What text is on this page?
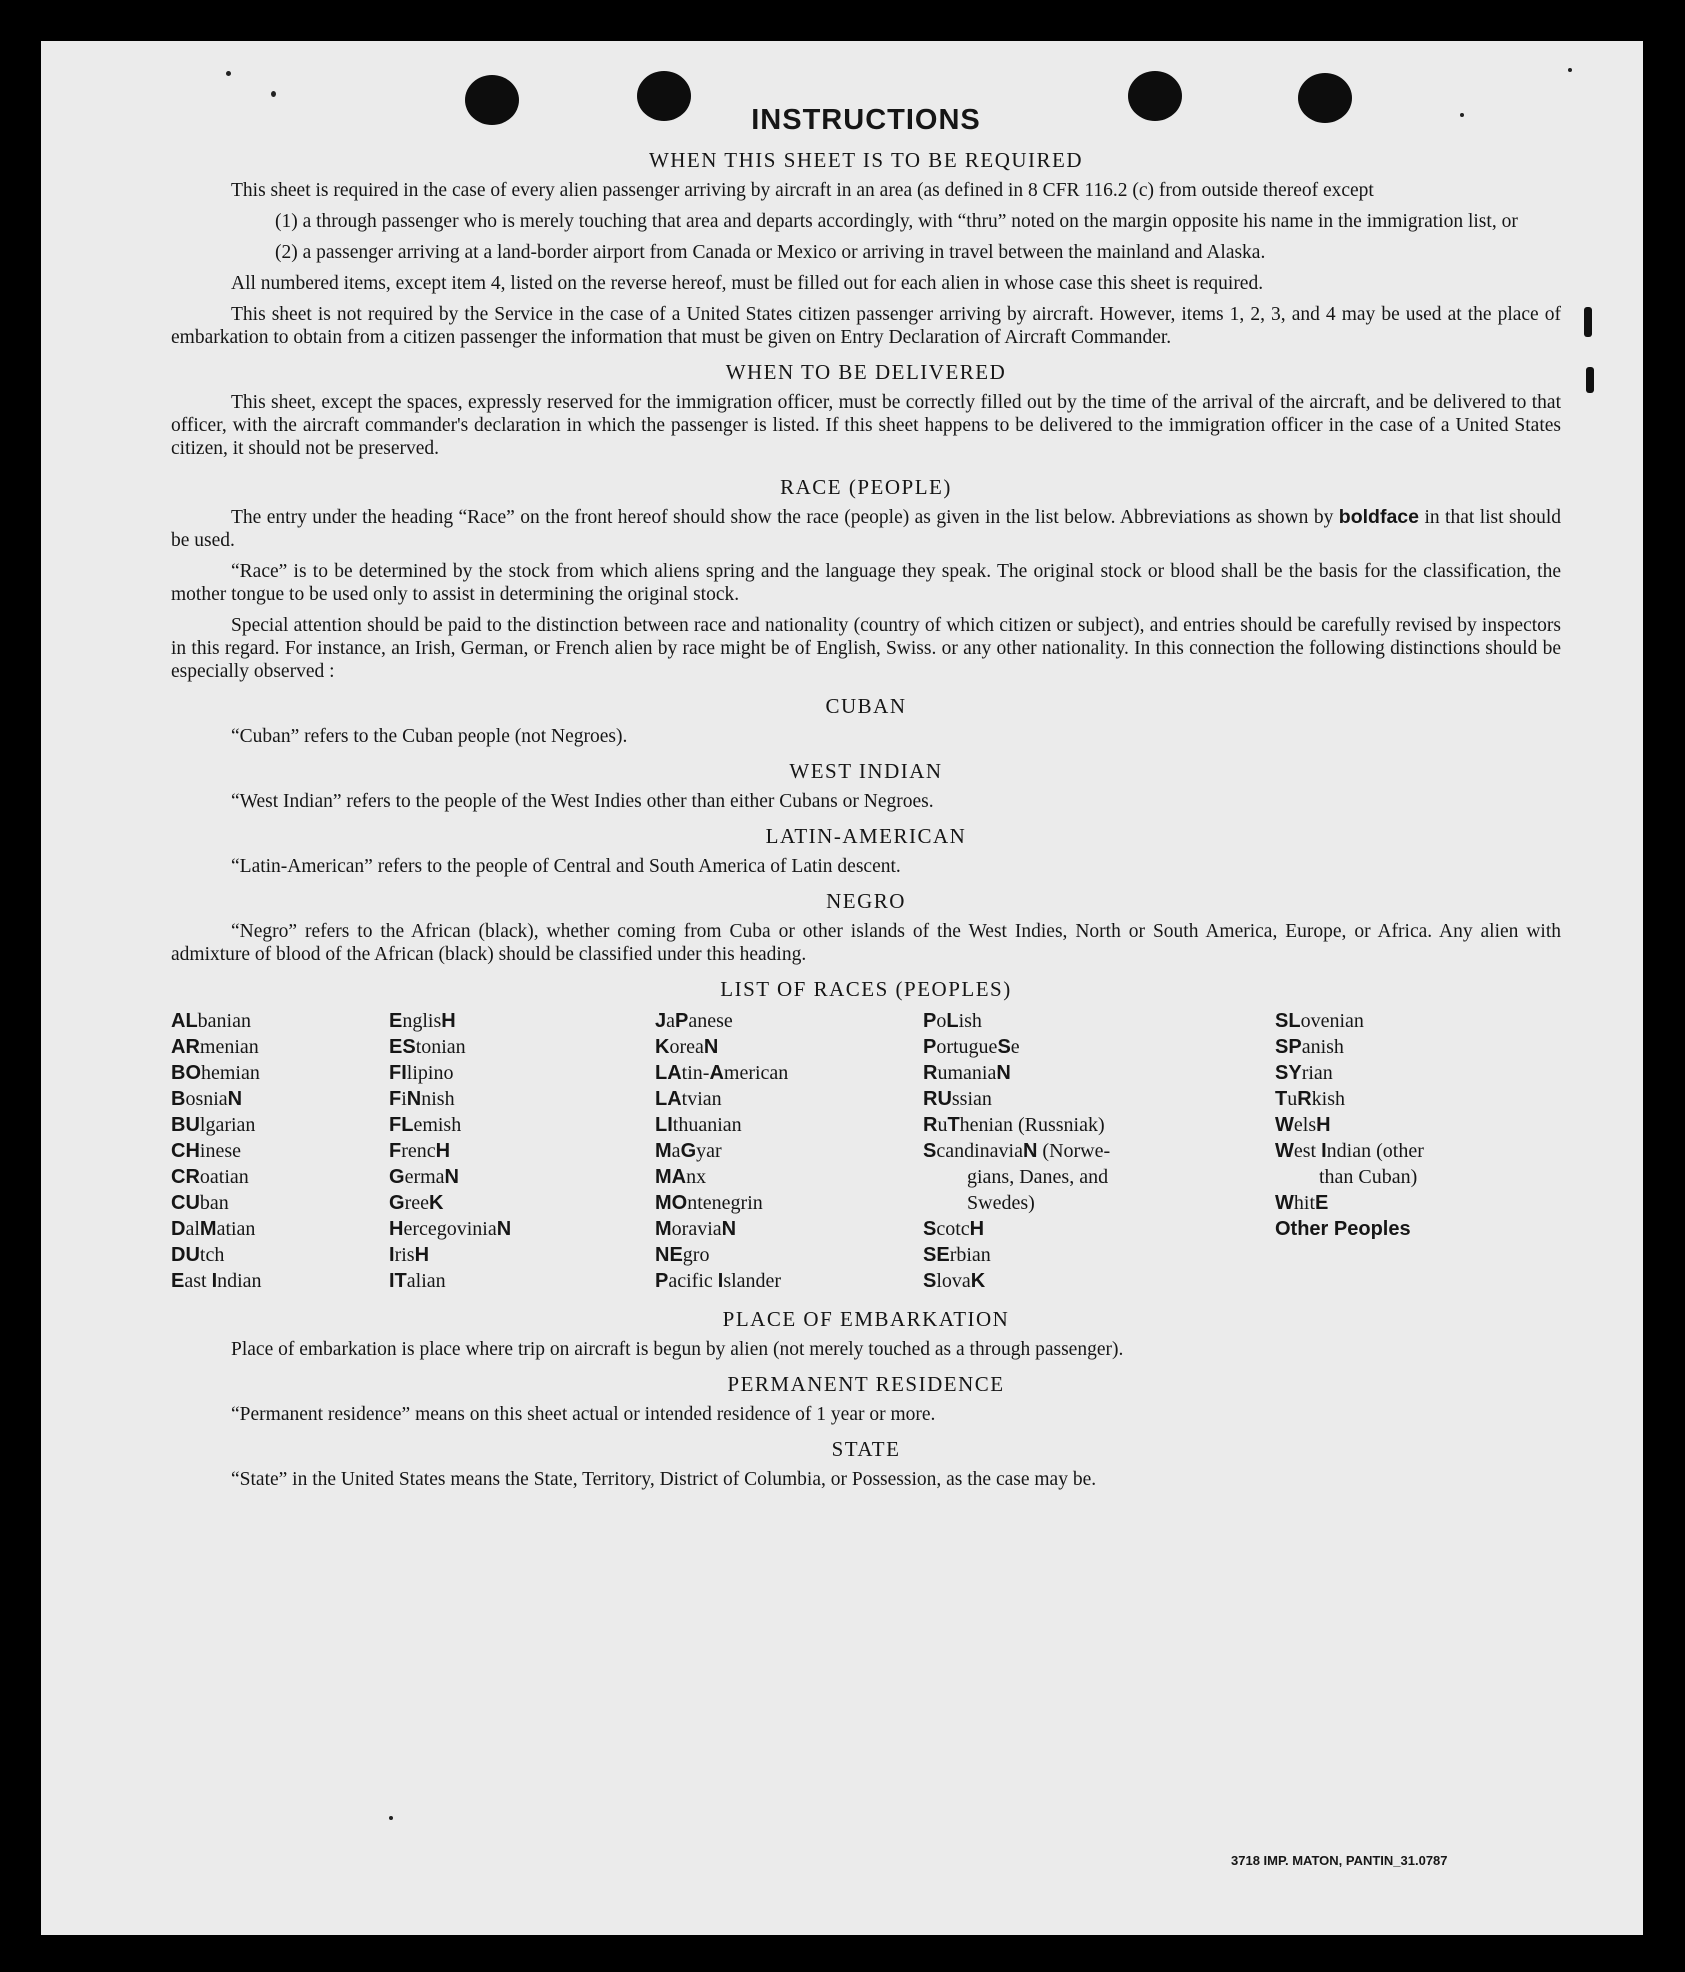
INSTRUCTIONS
WHEN THIS SHEET IS TO BE REQUIRED

This sheet is required in the case of every alien passenger arriving by aircraft in an area (as defined in 8 CFR 116.2 (c) from outside thereof except

(1) a through passenger who is merely touching that area and departs accordingly, with “thru” noted on the margin opposite his name in the immigration list, or
(2) a passenger arriving at a land-border airport from Canada or Mexico or arriving in travel between the mainland and Alaska.

All numbered items, except item 4, listed on the reverse hereof, must be filled out for each alien in whose case this sheet is required.

This sheet is not required by the Service in the case of a United States citizen passenger arriving by aircraft. However, items 1, 2, 3, and 4 may be used at the place of embarkation to obtain from a citizen passenger the information that must be given on Entry Declaration of Aircraft Commander.

WHEN TO BE DELIVERED

This sheet, except the spaces, expressly reserved for the immigration officer, must be correctly filled out by the time of the arrival of the aircraft, and be delivered to that officer, with the aircraft commander's declaration in which the passenger is listed. If this sheet happens to be delivered to the immigration officer in the case of a United States citizen, it should not be preserved.

RACE (PEOPLE)

The entry under the heading “Race” on the front hereof should show the race (people) as given in the list below. Abbreviations as shown by boldface in that list should be used.

“Race” is to be determined by the stock from which aliens spring and the language they speak. The original stock or blood shall be the basis for the classification, the mother tongue to be used only to assist in determining the original stock.

Special attention should be paid to the distinction between race and nationality (country of which citizen or subject), and entries should be carefully revised by inspectors in this regard. For instance, an Irish, German, or French alien by race might be of English, Swiss. or any other nationality. In this connection the following distinctions should be especially observed :

CUBAN

“Cuban” refers to the Cuban people (not Negroes).

WEST INDIAN

“West Indian” refers to the people of the West Indies other than either Cubans or Negroes.

LATIN-AMERICAN

“Latin-American” refers to the people of Central and South America of Latin descent.

NEGRO

“Negro” refers to the African (black), whether coming from Cuba or other islands of the West Indies, North or South America, Europe, or Africa. Any alien with admixture of blood of the African (black) should be classified under this heading.

LIST OF RACES (PEOPLES)
ALbanian
ARmenian
BOhemian
BosniaN
BUlgarian
CHinese
CRoatian
CUban
DalMatian
DUtch
East Indian
EnglisH
EStonian
FIlipino
FiNnish
FLemish
FrencH
GermaN
GreeK
HercegoviniaN
IrisH
ITalian
JaPanese
KoreaN
LAtin-American
LAtvian
LIthuanian
MaGyar
MAnx
MOntenegrin
MoraviaN
NEgro
Pacific Islander
PoLish
PortugueSe
RumaniaN
RUssian
RuThenian (Russniak)
ScandinaviaN (Norwe-
gians, Danes, and
Swedes)
ScotcH
SErbian
SlovaK
SLovenian
SPanish
SYrian
TuRkish
WelsH
West Indian (other
than Cuban)
WhitE
Other Peoples
PLACE OF EMBARKATION

Place of embarkation is place where trip on aircraft is begun by alien (not merely touched as a through passenger).

PERMANENT RESIDENCE

“Permanent residence” means on this sheet actual or intended residence of 1 year or more.

STATE

“State” in the United States means the State, Territory, District of Columbia, or Possession, as the case may be.

3718 IMP. MATON, PANTIN_31.0787
